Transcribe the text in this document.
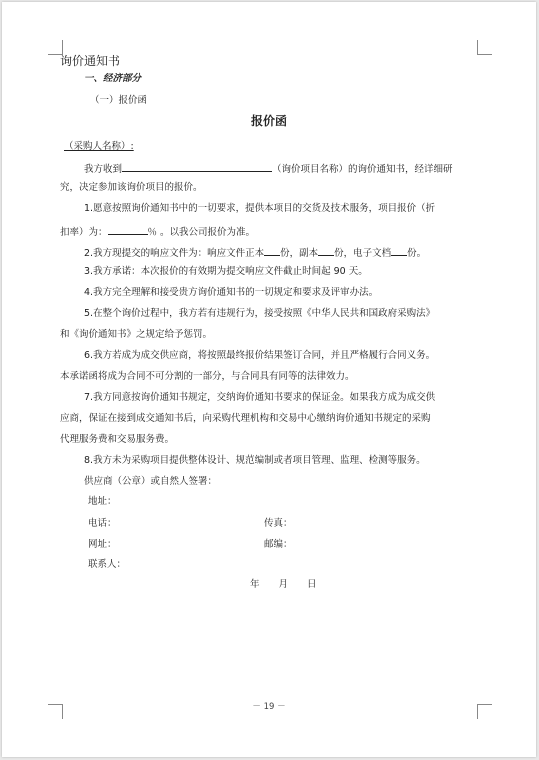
询价通知书
一、经济部分
（一）报价函
报价函
（采购人名称）:
我方收到	（询价项目名称）的询价通知书，经详细研
究，决定参加该询价项目的报价。
1.愿意按照询价通知书中的一切要求，提供本项目的交货及技术服务，项目报价（折
扣率）为：	％ 。以我公司报价为准。
2.我方现提交的响应文件为：响应文件正本 份，副本 份，电子文档 份。
3.我方承诺：本次报价的有效期为提交响应文件截止时间起 90 天。
4.我方完全理解和接受贵方询价通知书的一切规定和要求及评审办法。
5.在整个询价过程中，我方若有违规行为，接受按照《中华人民共和国政府采购法》
和《询价通知书》之规定给予惩罚。
6.我方若成为成交供应商，将按照最终报价结果签订合同，并且严格履行合同义务。
本承诺函将成为合同不可分割的一部分，与合同具有同等的法律效力。
7.我方同意按询价通知书规定，交纳询价通知书要求的保证金。如果我方成为成交供
应商，保证在接到成交通知书后，向采购代理机构和交易中心缴纳询价通知书规定的采购
代理服务费和交易服务费。
8.我方未为采购项目提供整体设计、规范编制或者项目管理、监理、检测等服务。
供应商（公章）或自然人签署：
地址：
电话：	传真：
网址：	邮编：
联系人：
年　　月　　日
－ 19 －
